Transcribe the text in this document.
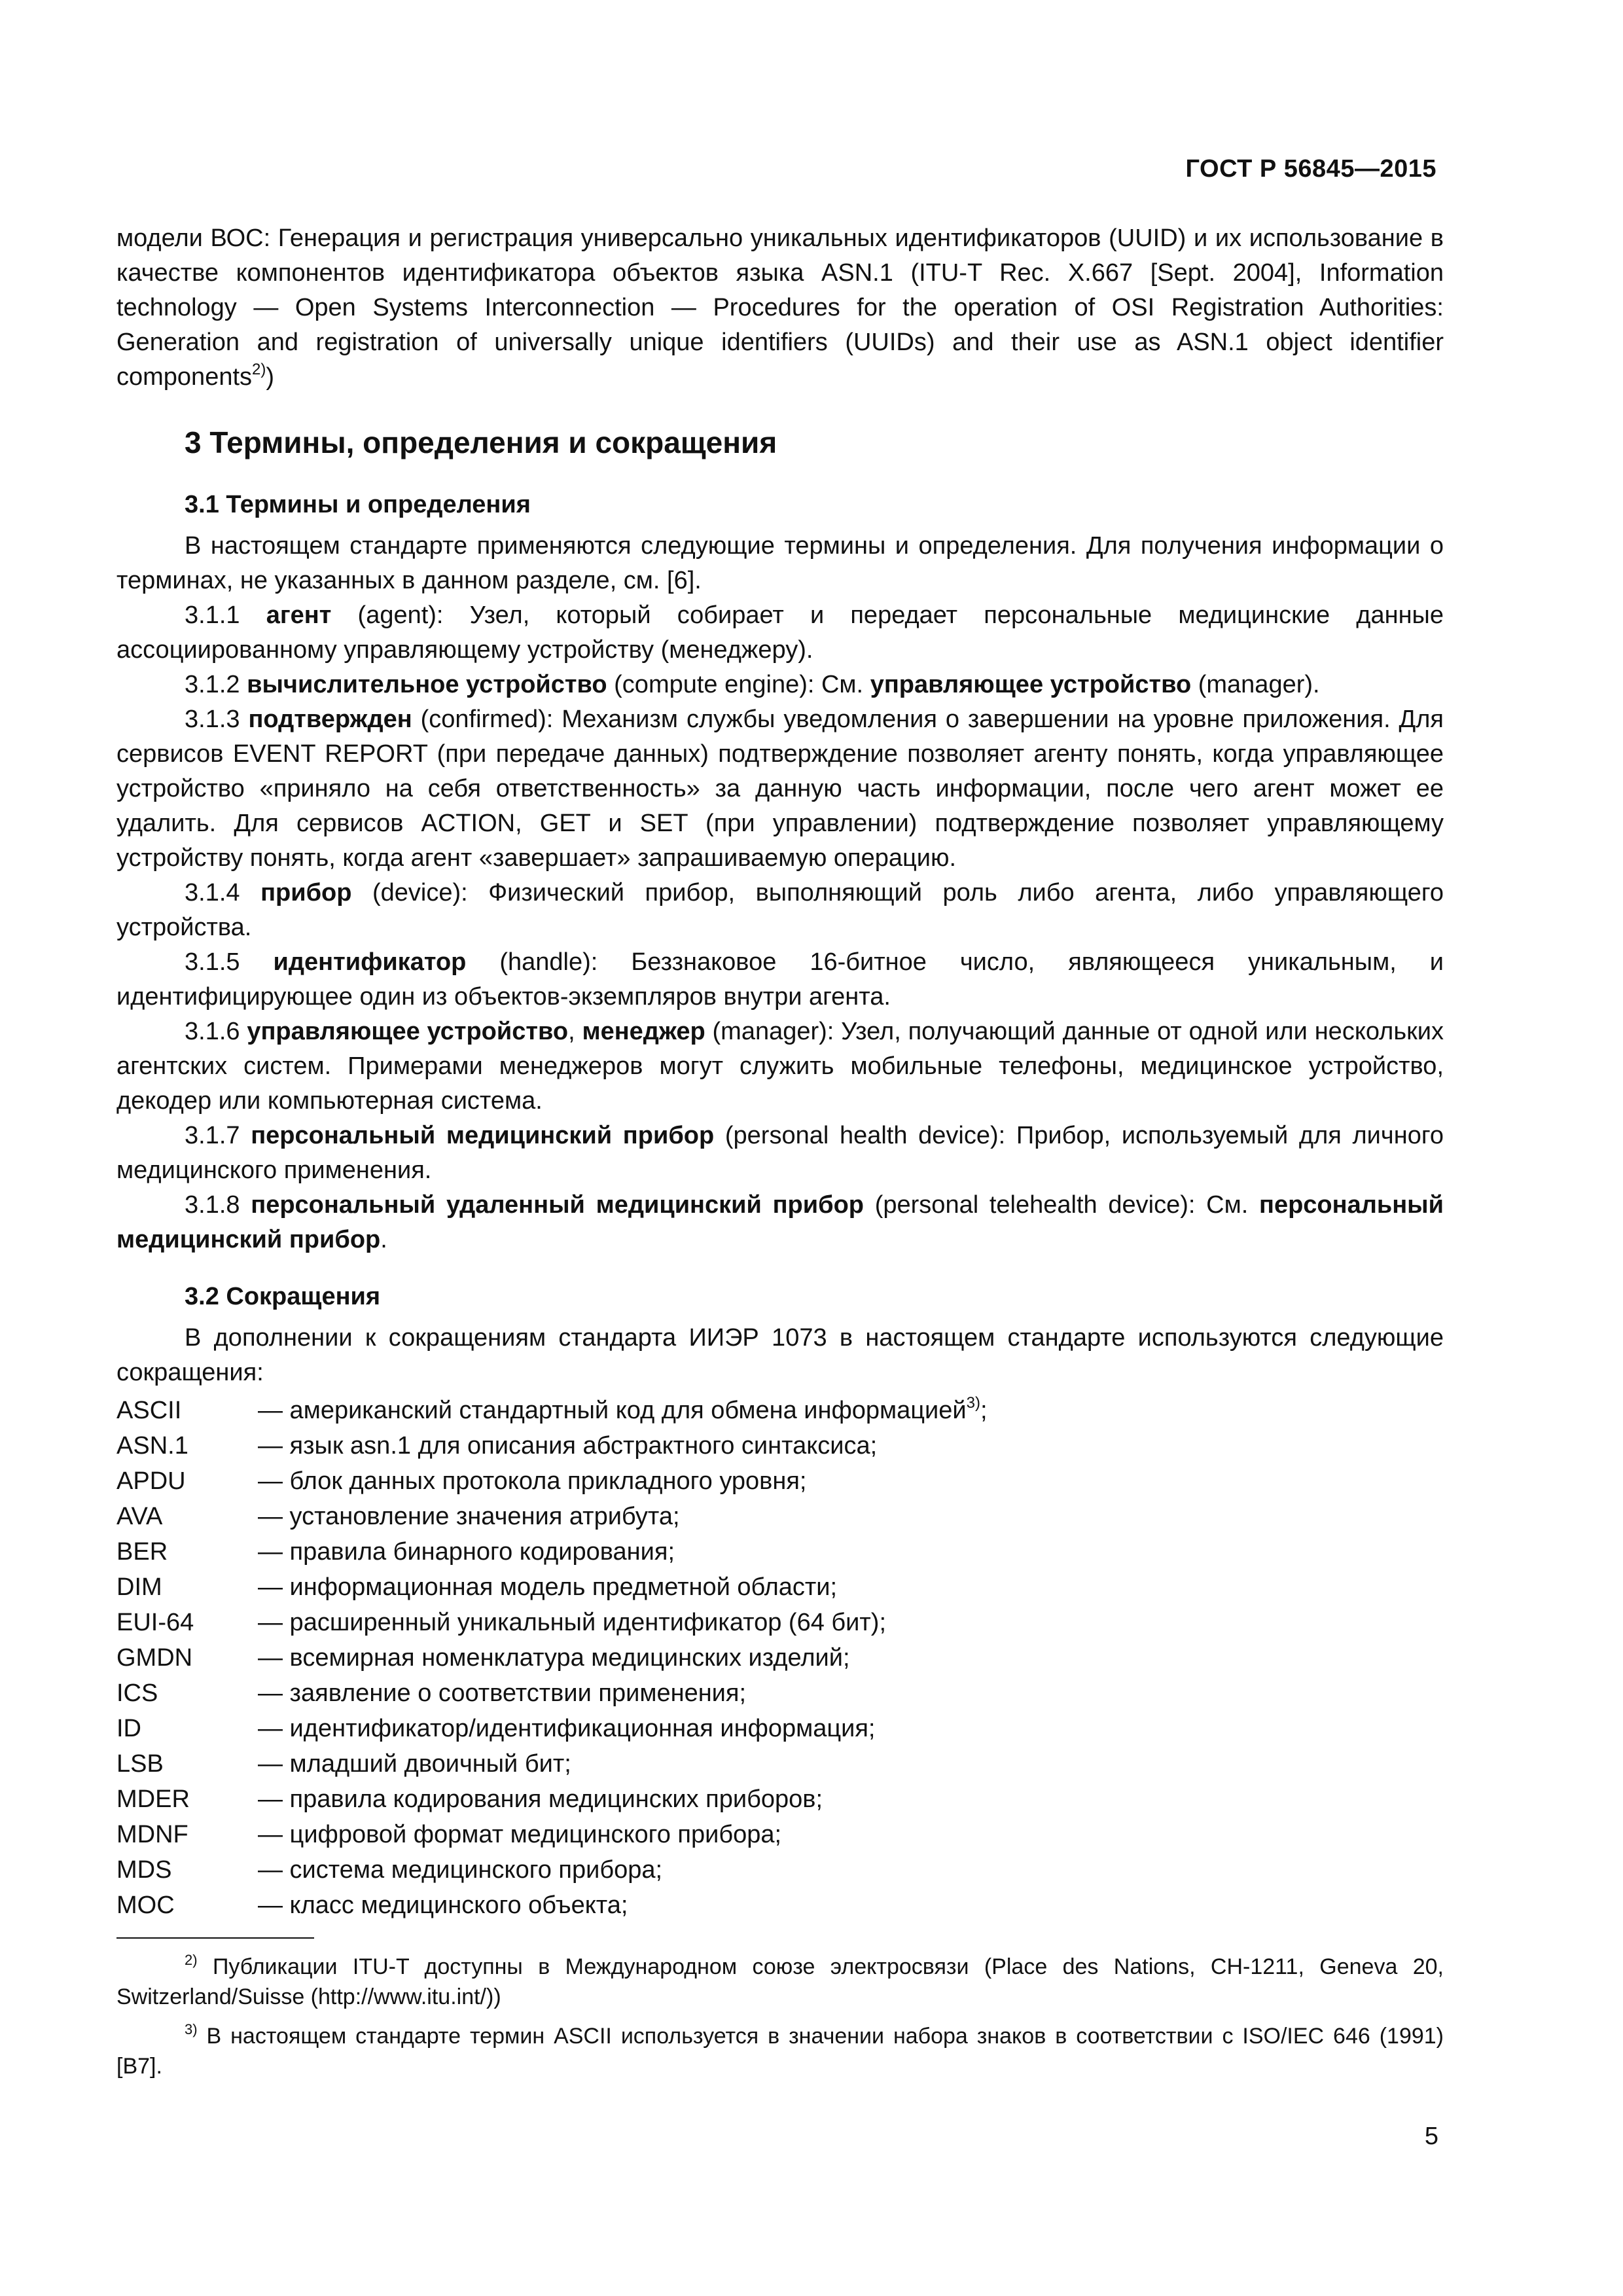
ГОСТ Р 56845—2015

модели ВОС: Генерация и регистрация универсально уникальных идентификаторов (UUID) и их использование в качестве компонентов идентификатора объектов языка ASN.1 (ITU-T Rec. X.667 [Sept. 2004], Information technology — Open Systems Interconnection — Procedures for the operation of OSI Registration Authorities: Generation and registration of universally unique identifiers (UUIDs) and their use as ASN.1 object identifier components$^{2)}$)

3 Термины, определения и сокращения
3.1 Термины и определения

В настоящем стандарте применяются следующие термины и определения. Для получения информации о терминах, не указанных в данном разделе, см. [6].

3.1.1 агент (agent): Узел, который собирает и передает персональные медицинские данные ассоциированному управляющему устройству (менеджеру).

3.1.2 вычислительное устройство (compute engine): См. управляющее устройство (manager).

3.1.3 подтвержден (confirmed): Механизм службы уведомления о завершении на уровне приложения. Для сервисов EVENT REPORT (при передаче данных) подтверждение позволяет агенту понять, когда управляющее устройство «приняло на себя ответственность» за данную часть информации, после чего агент может ее удалить. Для сервисов ACTION, GET и SET (при управлении) подтверждение позволяет управляющему устройству понять, когда агент «завершает» запрашиваемую операцию.

3.1.4 прибор (device): Физический прибор, выполняющий роль либо агента, либо управляющего устройства.

3.1.5 идентификатор (handle): Беззнаковое 16-битное число, являющееся уникальным, и идентифицирующее один из объектов-экземпляров внутри агента.

3.1.6 управляющее устройство, менеджер (manager): Узел, получающий данные от одной или нескольких агентских систем. Примерами менеджеров могут служить мобильные телефоны, медицинское устройство, декодер или компьютерная система.

3.1.7 персональный медицинский прибор (personal health device): Прибор, используемый для личного медицинского применения.

3.1.8 персональный удаленный медицинский прибор (personal telehealth device): См. персональный медицинский прибор.

3.2 Сокращения

В дополнении к сокращениям стандарта ИИЭР 1073 в настоящем стандарте используются следующие сокращения:

ASCII	— американский стандартный код для обмена информацией$^{3)}$;
ASN.1	— язык asn.1 для описания абстрактного синтаксиса;
APDU	— блок данных протокола прикладного уровня;
AVA	— установление значения атрибута;
BER	— правила бинарного кодирования;
DIM	— информационная модель предметной области;
EUI-64	— расширенный уникальный идентификатор (64 бит);
GMDN	— всемирная номенклатура медицинских изделий;
ICS	— заявление о соответствии применения;
ID	— идентификатор/идентификационная информация;
LSB	— младший двоичный бит;
MDER	— правила кодирования медицинских приборов;
MDNF	— цифровой формат медицинского прибора;
MDS	— система медицинского прибора;
MOC	— класс медицинского объекта;

$^{2)}$ Публикации ITU-T доступны в Международном союзе электросвязи (Place des Nations, CH-1211, Geneva 20, Switzerland/Suisse (http://www.itu.int/))

$^{3)}$ В настоящем стандарте термин ASCII используется в значении набора знаков в соответствии с ISO/IEC 646 (1991) [B7].

5
